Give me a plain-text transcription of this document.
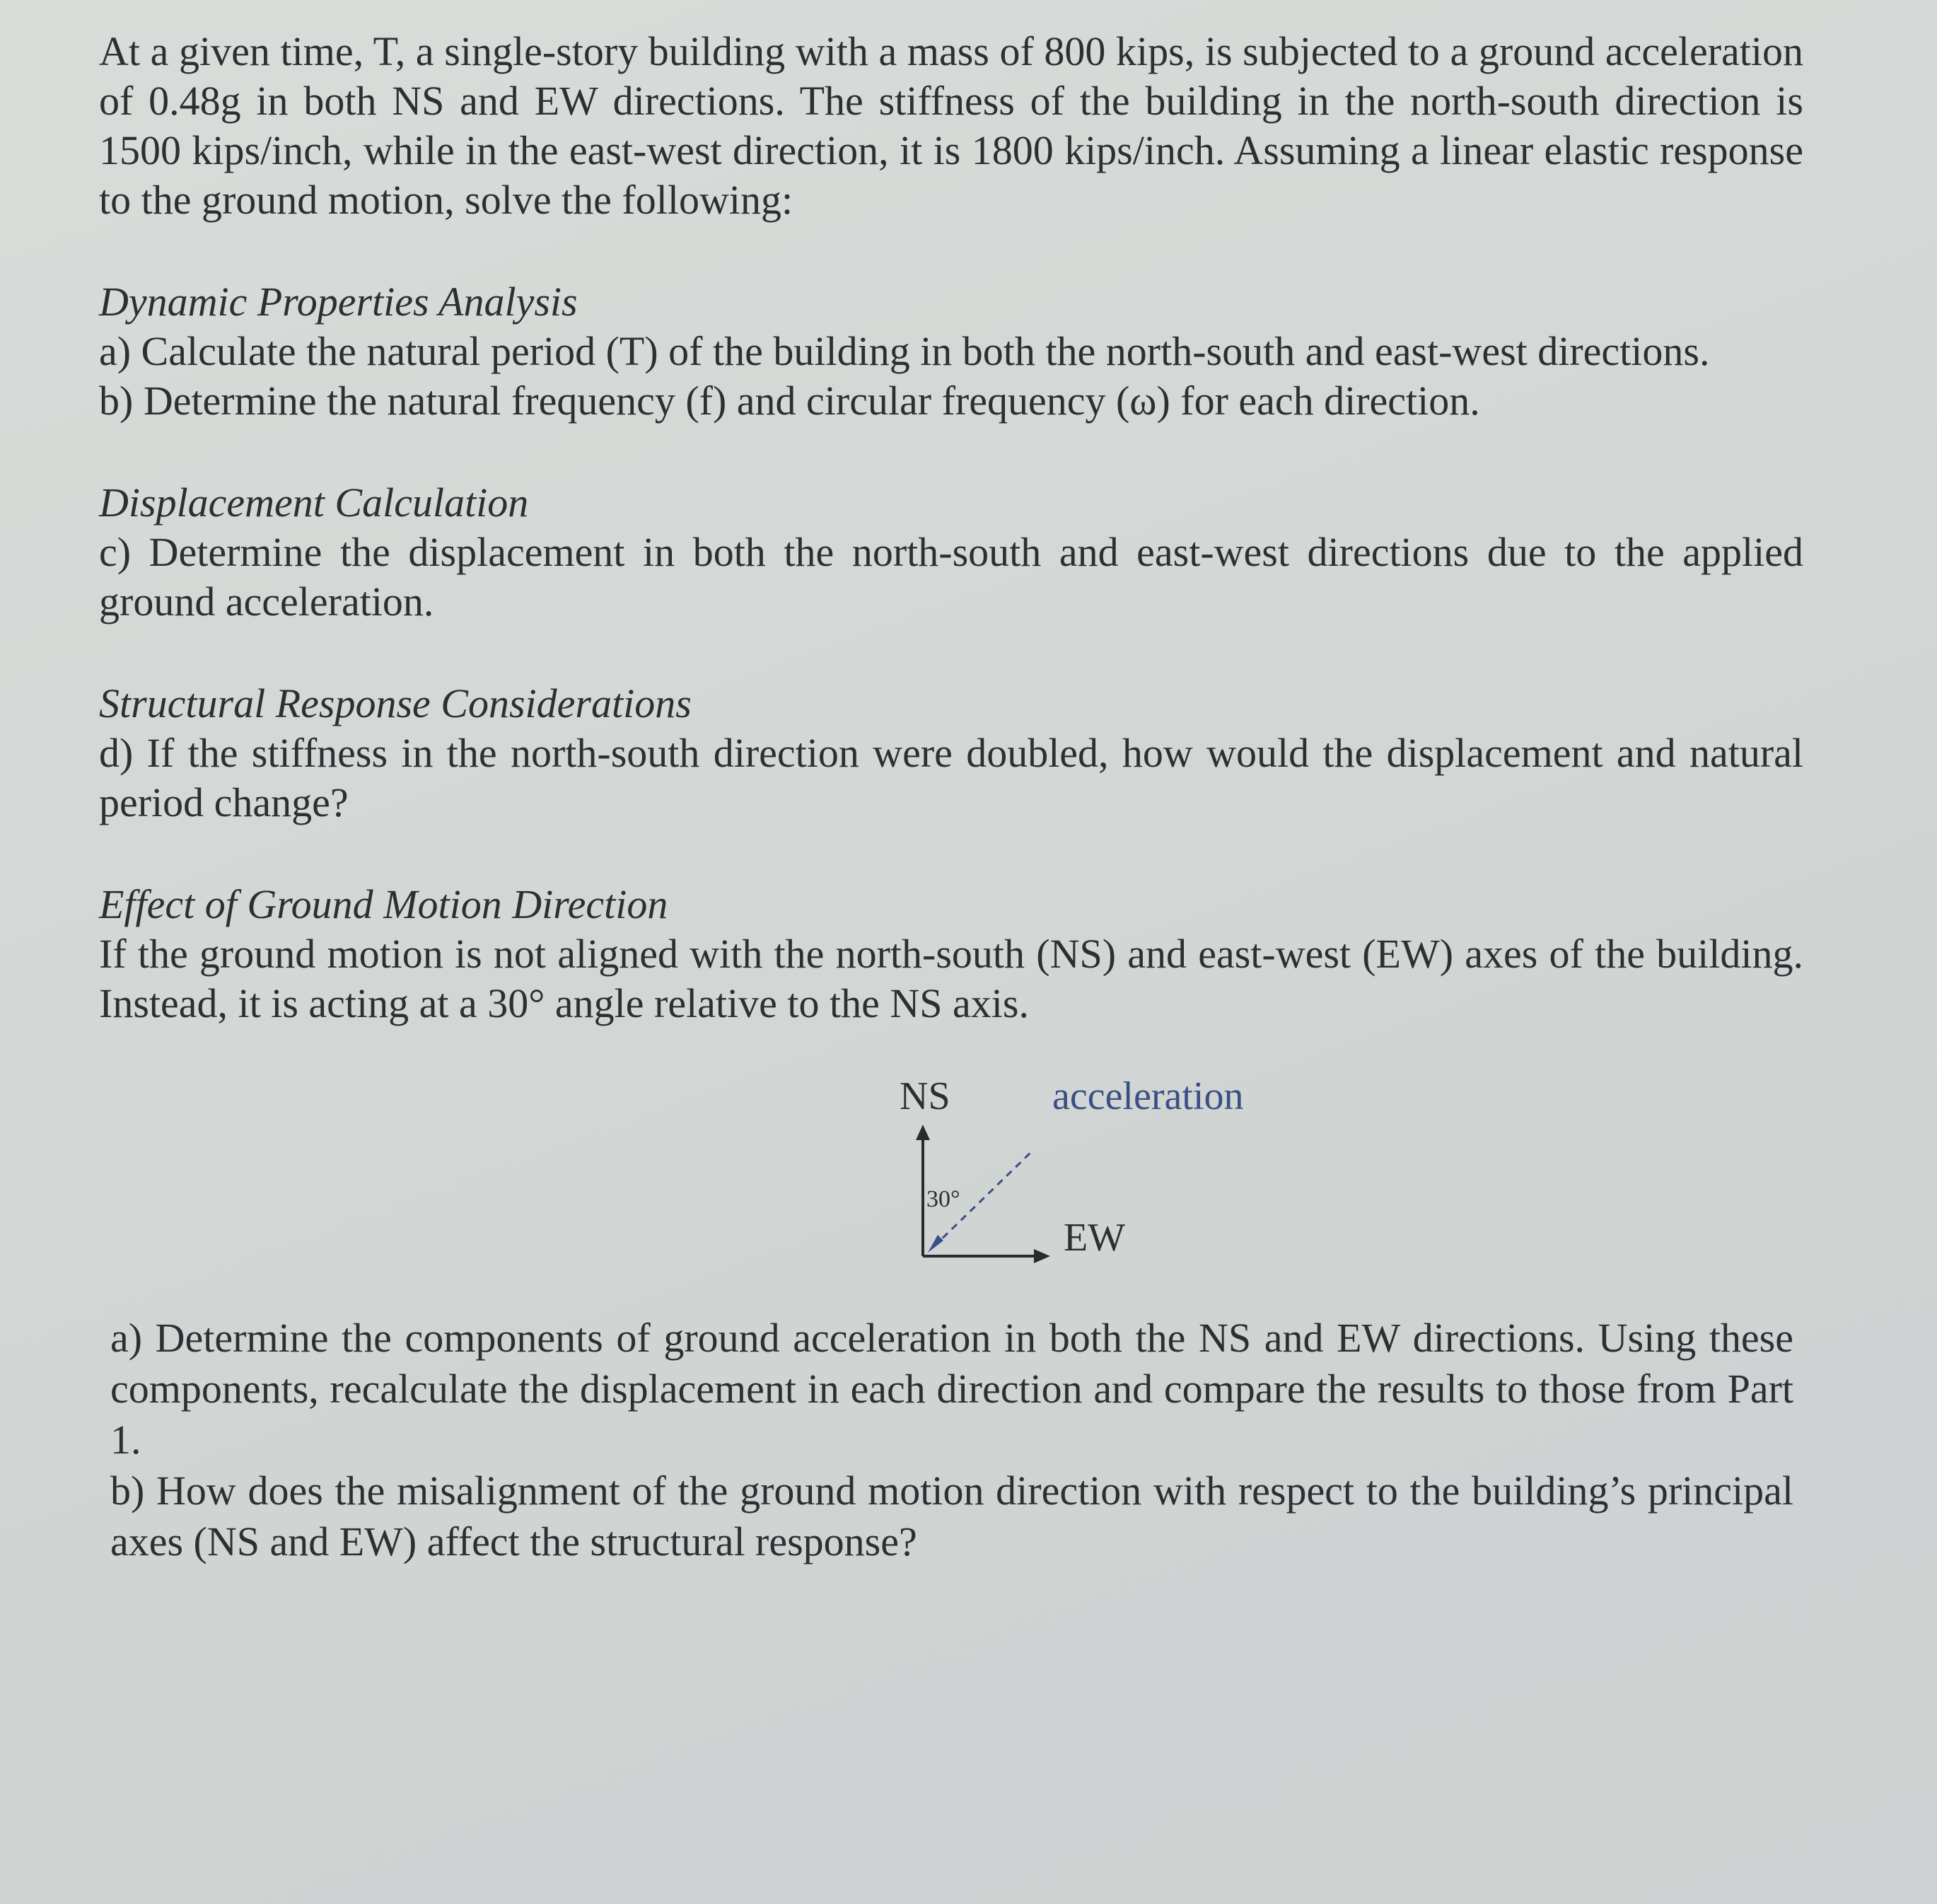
At a given time, T, a single-story building with a mass of 800 kips, is subjected to a ground acceleration of 0.48g in both NS and EW directions. The stiffness of the building in the north-south direction is 1500 kips/inch, while in the east-west direction, it is 1800 kips/inch. Assuming a linear elastic response to the ground motion, solve the following:

Dynamic Properties Analysis

a) Calculate the natural period (T) of the building in both the north-south and east-west directions.

b) Determine the natural frequency (f) and circular frequency (ω) for each direction.

Displacement Calculation

c) Determine the displacement in both the north-south and east-west directions due to the applied ground acceleration.

Structural Response Considerations

d) If the stiffness in the north-south direction were doubled, how would the displacement and natural period change?

Effect of Ground Motion Direction

If the ground motion is not aligned with the north-south (NS) and east-west (EW) axes of the building. Instead, it is acting at a 30° angle relative to the NS axis.

NS	acceleration
30°
EW

a) Determine the components of ground acceleration in both the NS and EW directions. Using these components, recalculate the displacement in each direction and compare the results to those from Part 1.

b) How does the misalignment of the ground motion direction with respect to the building’s principal axes (NS and EW) affect the structural response?
